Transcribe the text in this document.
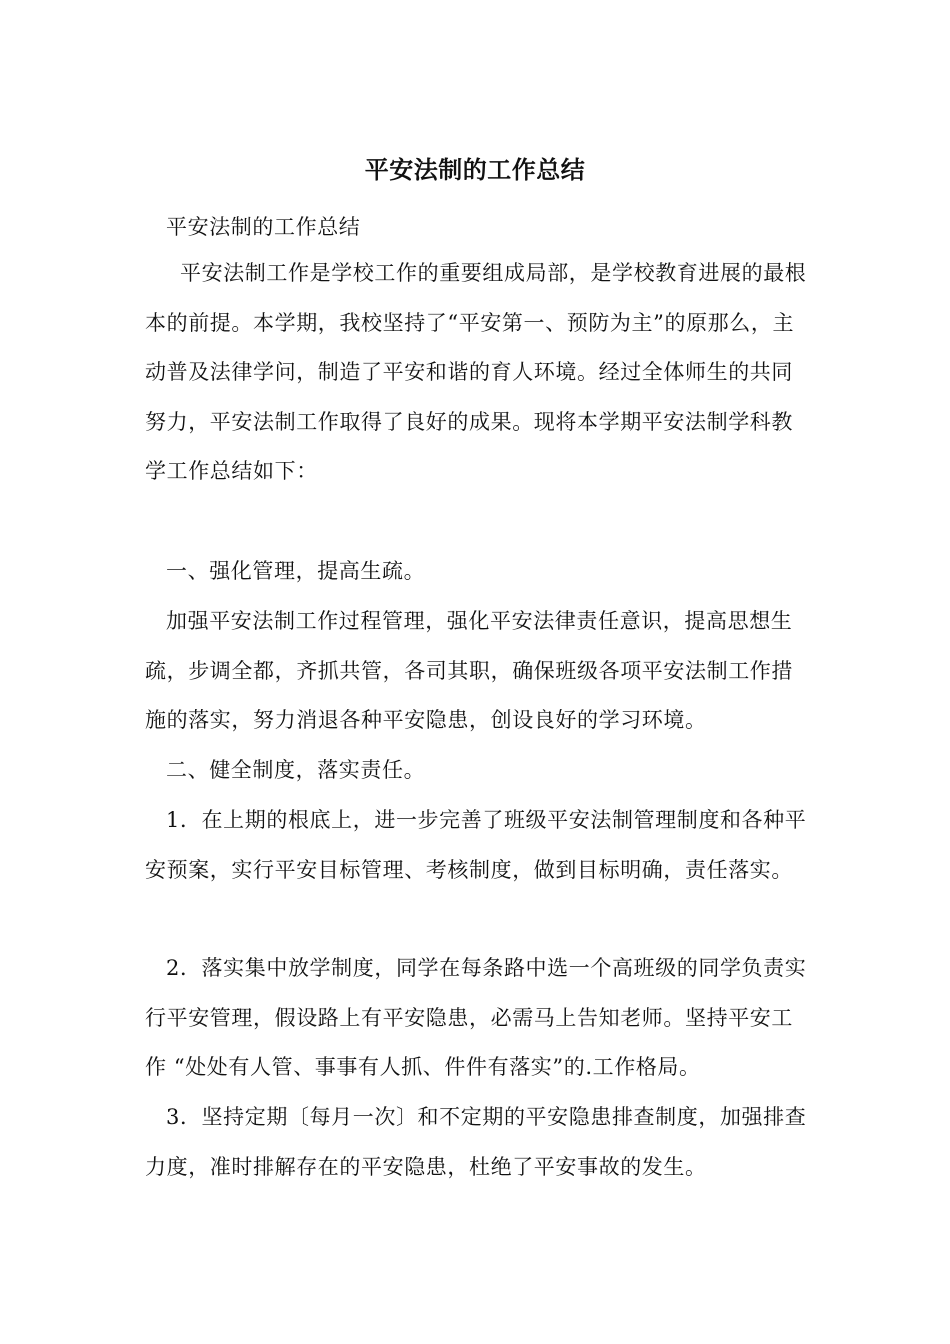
平安法制的工作总结
平安法制的工作总结
平安法制工作是学校工作的重要组成局部，是学校教育进展的最根本的前提。本学期，我校坚持了“平安第一、预防为主”的原那么，主动普及法律学问，制造了平安和谐的育人环境。经过全体师生的共同努力，平安法制工作取得了良好的成果。现将本学期平安法制学科教学工作总结如下：
一、强化管理，提高生疏。
加强平安法制工作过程管理，强化平安法律责任意识，提高思想生疏，步调全都，齐抓共管，各司其职，确保班级各项平安法制工作措施的落实，努力消退各种平安隐患，创设良好的学习环境。
二、健全制度，落实责任。
1．在上期的根底上，进一步完善了班级平安法制管理制度和各种平安预案，实行平安目标管理、考核制度，做到目标明确，责任落实。
2．落实集中放学制度，同学在每条路中选一个高班级的同学负责实行平安管理，假设路上有平安隐患，必需马上告知老师。坚持平安工作 “处处有人管、事事有人抓、件件有落实”的.工作格局。
3．坚持定期〔每月一次〕和不定期的平安隐患排查制度，加强排查力度，准时排解存在的平安隐患，杜绝了平安事故的发生。
